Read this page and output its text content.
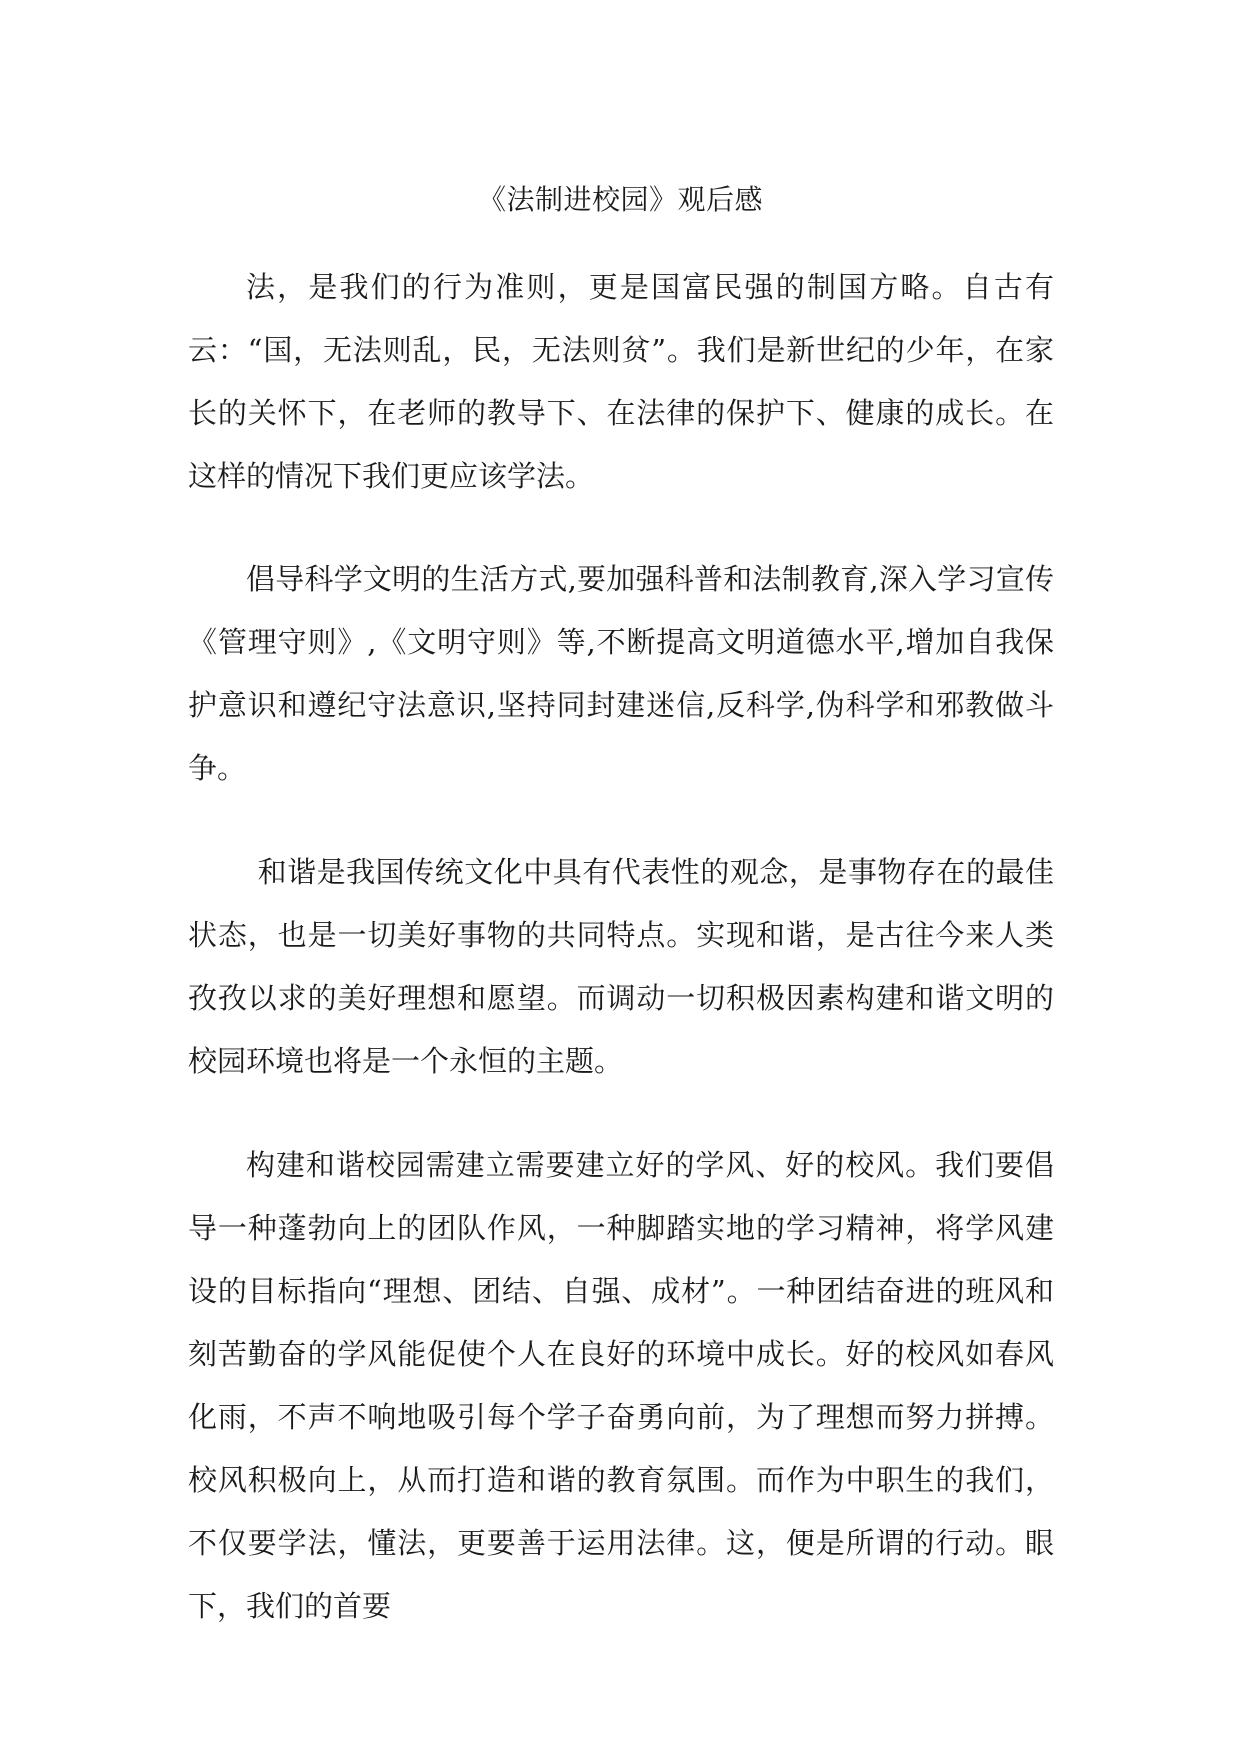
《法制进校园》观后感

法，是我们的行为准则，更是国富民强的制国方略。自古有云：“国，无法则乱，民，无法则贫”。我们是新世纪的少年，在家长的关怀下，在老师的教导下、在法律的保护下、健康的成长。在这样的情况下我们更应该学法。

倡导科学文明的生活方式,要加强科普和法制教育,深入学习宣传《管理守则》,《文明守则》等,不断提高文明道德水平,增加自我保护意识和遵纪守法意识,坚持同封建迷信,反科学,伪科学和邪教做斗争。

和谐是我国传统文化中具有代表性的观念，是事物存在的最佳状态，也是一切美好事物的共同特点。实现和谐，是古往今来人类孜孜以求的美好理想和愿望。而调动一切积极因素构建和谐文明的校园环境也将是一个永恒的主题。

构建和谐校园需建立需要建立好的学风、好的校风。我们要倡导一种蓬勃向上的团队作风，一种脚踏实地的学习精神，将学风建设的目标指向“理想、团结、自强、成材”。一种团结奋进的班风和刻苦勤奋的学风能促使个人在良好的环境中成长。好的校风如春风化雨，不声不响地吸引每个学子奋勇向前，为了理想而努力拼搏。校风积极向上，从而打造和谐的教育氛围。而作为中职生的我们，不仅要学法，懂法，更要善于运用法律。这，便是所谓的行动。眼下，我们的首要
